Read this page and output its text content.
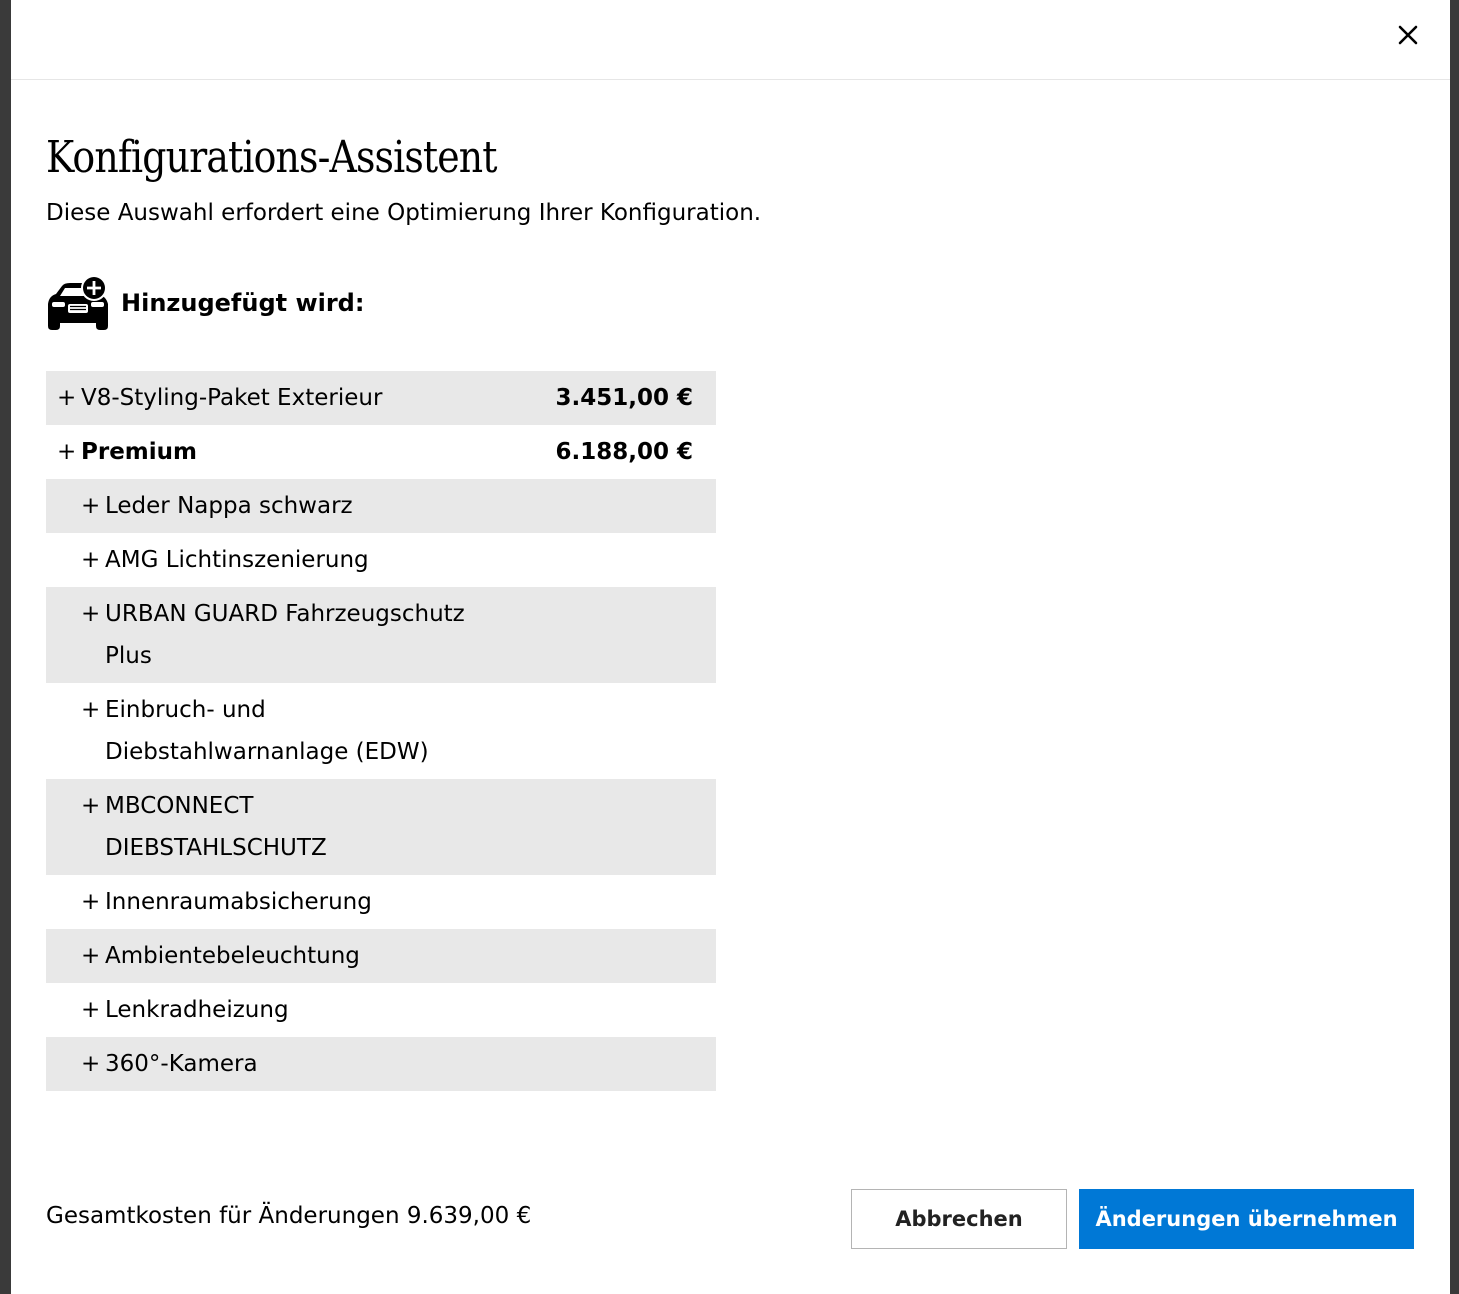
Konfigurations-Assistent

Diese Auswahl erfordert eine Optimierung Ihrer Konfiguration.

Hinzugefügt wird:
+ V8-Styling-Paket Exterieur	3.451,00 €
+ Premium	6.188,00 €
+ Leder Nappa schwarz
+ AMG Lichtinszenierung
+ URBAN GUARD Fahrzeugschutz Plus
+ Einbruch- und Diebstahlwarnanlage (EDW)
+ MBCONNECT DIEBSTAHLSCHUTZ
+ Innenraumabsicherung
+ Ambientebeleuchtung
+ Lenkradheizung
+ 360°-Kamera
Gesamtkosten für Änderungen 9.639,00 €	Abbrechen	Änderungen übernehmen
